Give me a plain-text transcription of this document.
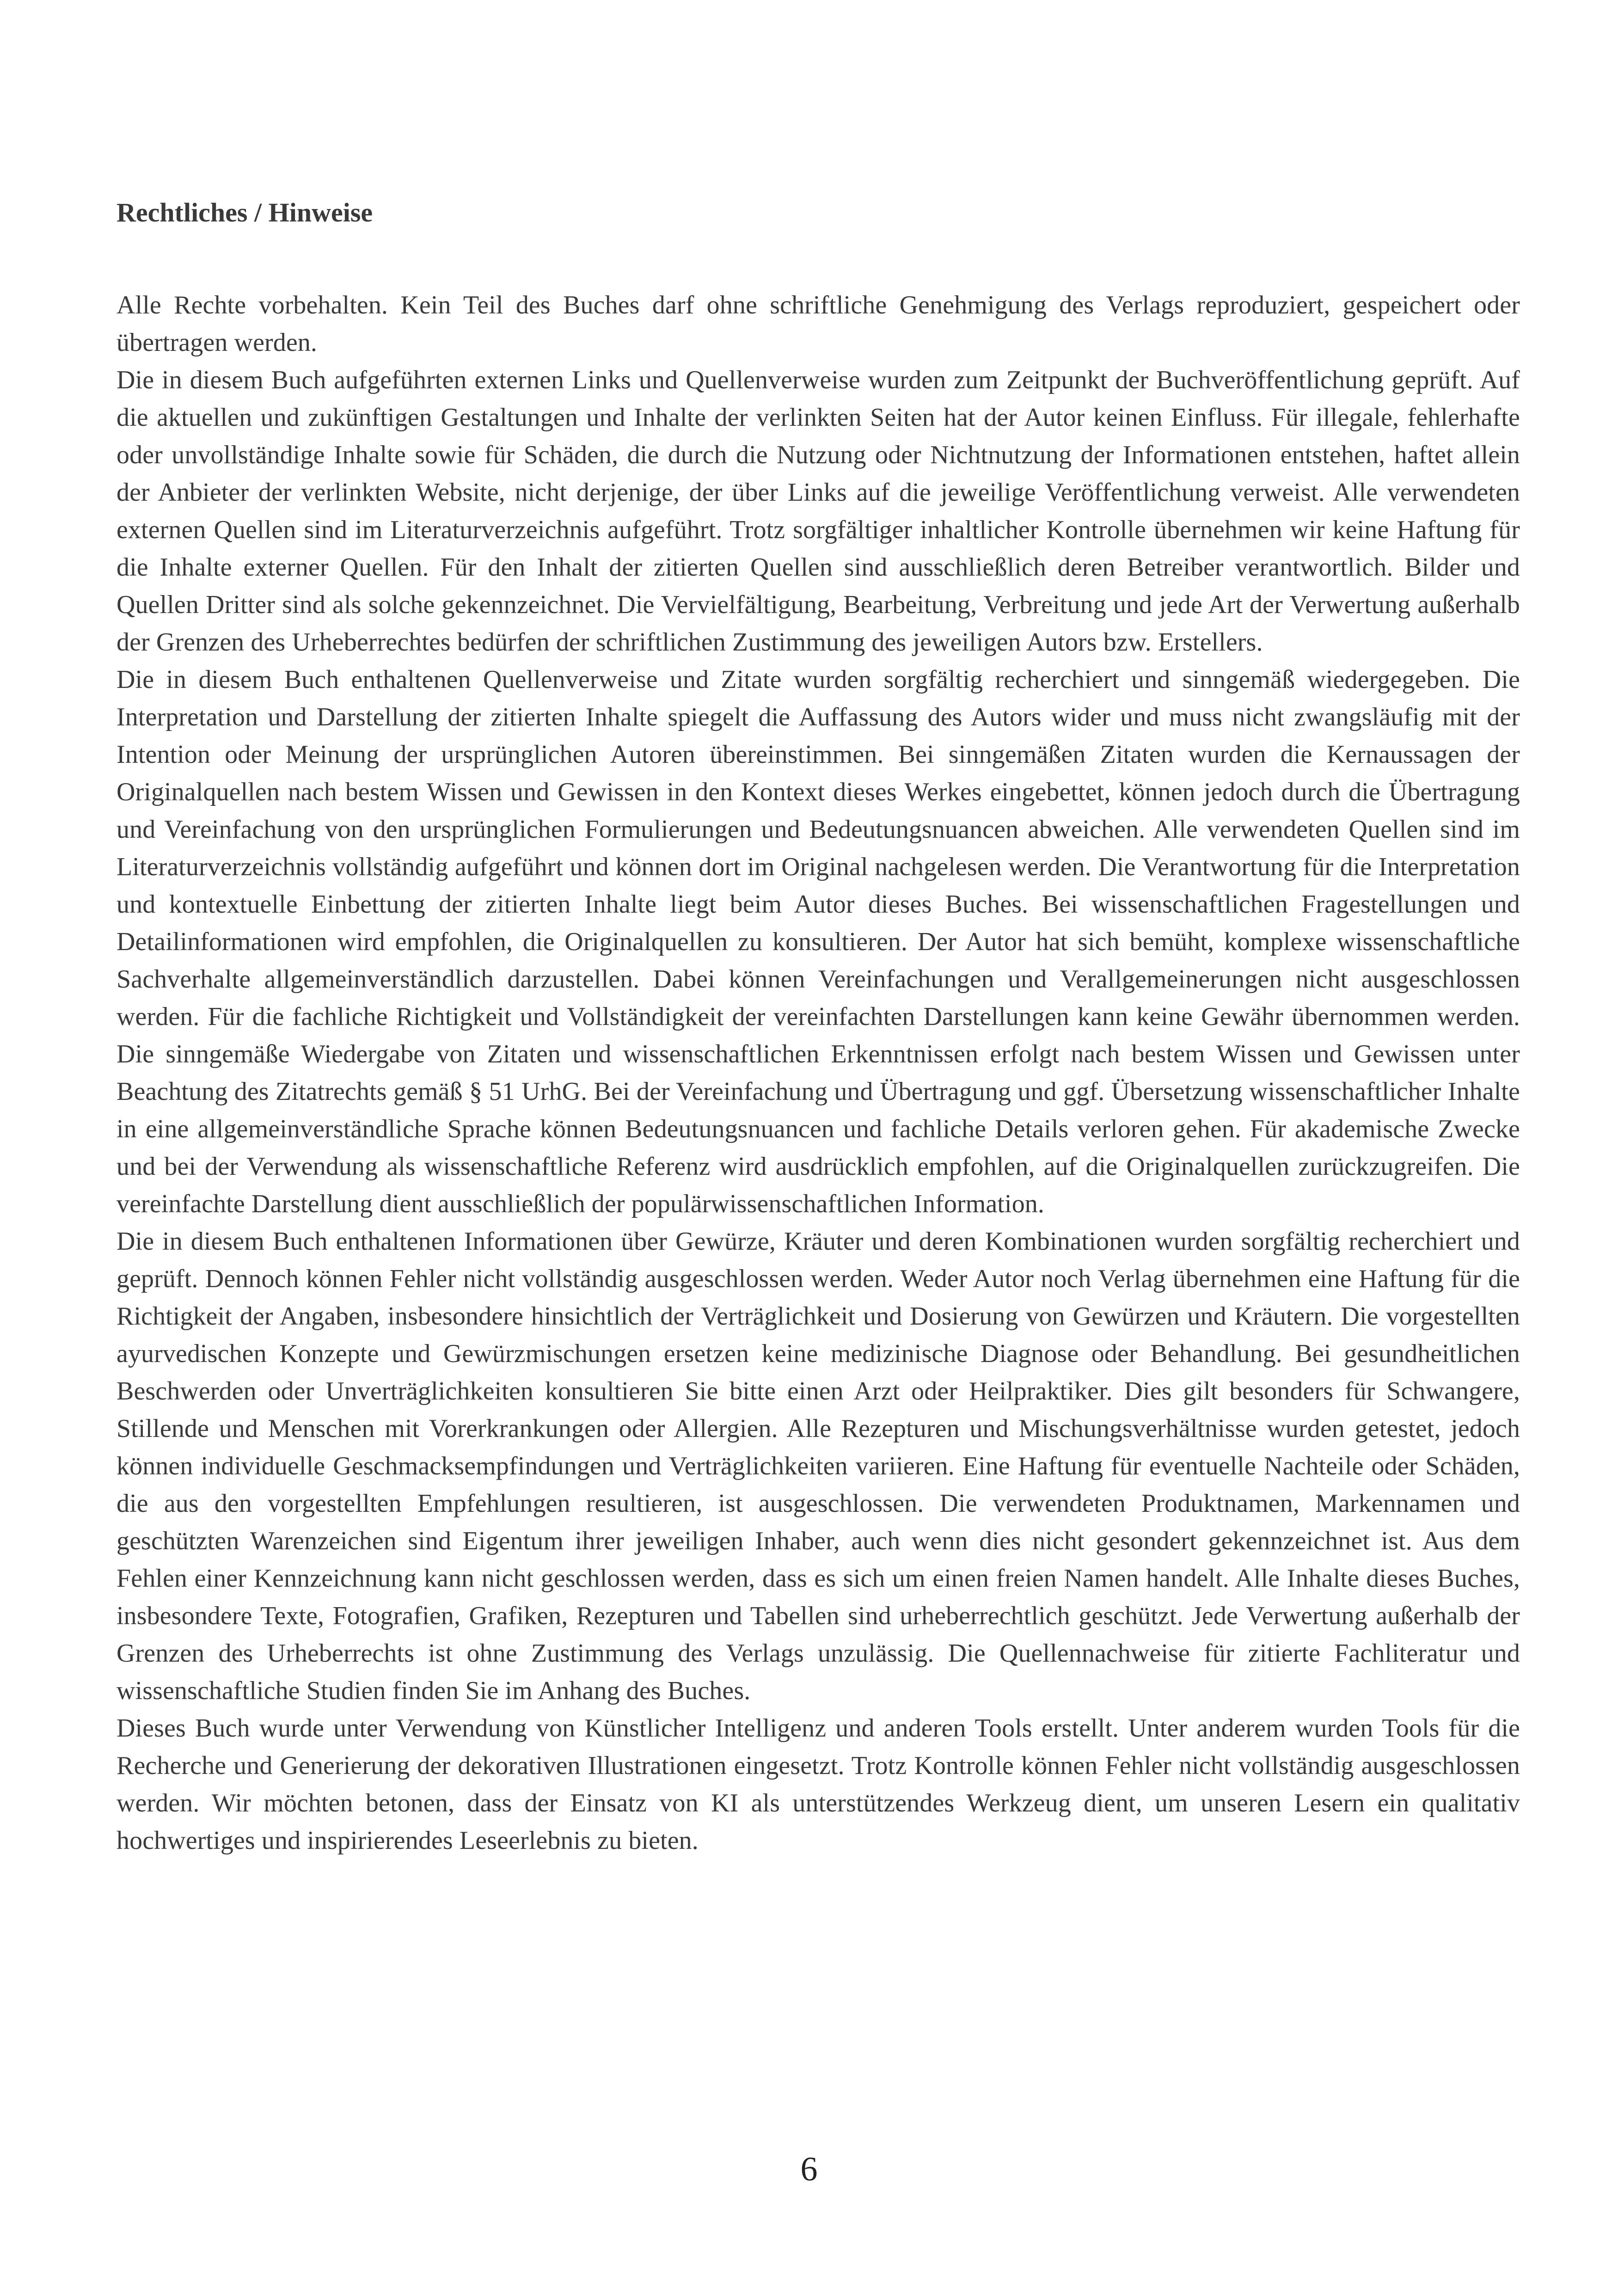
Rechtliches / Hinweise

Alle Rechte vorbehalten. Kein Teil des Buches darf ohne schriftliche Genehmigung des Verlags reproduziert, gespeichert oder übertragen werden.

Die in diesem Buch aufgeführten externen Links und Quellenverweise wurden zum Zeitpunkt der Buchveröffentlichung geprüft. Auf die aktuellen und zukünftigen Gestaltungen und Inhalte der verlinkten Seiten hat der Autor keinen Einfluss. Für illegale, fehlerhafte oder unvollständige Inhalte sowie für Schäden, die durch die Nutzung oder Nichtnutzung der Informationen entstehen, haftet allein der Anbieter der verlinkten Website, nicht derjenige, der über Links auf die jeweilige Veröffentlichung verweist. Alle verwendeten externen Quellen sind im Literaturverzeichnis aufgeführt. Trotz sorgfältiger inhaltlicher Kontrolle übernehmen wir keine Haftung für die Inhalte externer Quellen. Für den Inhalt der zitierten Quellen sind ausschließlich deren Betreiber verantwortlich. Bilder und Quellen Dritter sind als solche gekennzeichnet. Die Vervielfältigung, Bearbeitung, Verbreitung und jede Art der Verwertung außerhalb der Grenzen des Urheberrechtes bedürfen der schriftlichen Zustimmung des jeweiligen Autors bzw. Erstellers.

Die in diesem Buch enthaltenen Quellenverweise und Zitate wurden sorgfältig recherchiert und sinngemäß wiedergegeben. Die Interpretation und Darstellung der zitierten Inhalte spiegelt die Auffassung des Autors wider und muss nicht zwangsläufig mit der Intention oder Meinung der ursprünglichen Autoren übereinstimmen. Bei sinngemäßen Zitaten wurden die Kernaussagen der Originalquellen nach bestem Wissen und Gewissen in den Kontext dieses Werkes eingebettet, können jedoch durch die Übertragung und Vereinfachung von den ursprünglichen Formulierungen und Bedeutungsnuancen abweichen. Alle verwendeten Quellen sind im Literaturverzeichnis vollständig aufgeführt und können dort im Original nachgelesen werden. Die Verantwortung für die Interpretation und kontextuelle Einbettung der zitierten Inhalte liegt beim Autor dieses Buches. Bei wissenschaftlichen Fragestellungen und Detailinformationen wird empfohlen, die Originalquellen zu konsultieren. Der Autor hat sich bemüht, komplexe wissenschaftliche Sachverhalte allgemeinverständlich darzustellen. Dabei können Vereinfachungen und Verallgemeinerungen nicht ausgeschlossen werden. Für die fachliche Richtigkeit und Vollständigkeit der vereinfachten Darstellungen kann keine Gewähr übernommen werden. Die sinngemäße Wiedergabe von Zitaten und wissenschaftlichen Erkenntnissen erfolgt nach bestem Wissen und Gewissen unter Beachtung des Zitatrechts gemäß § 51 UrhG. Bei der Vereinfachung und Übertragung und ggf. Übersetzung wissenschaftlicher Inhalte in eine allgemeinverständliche Sprache können Bedeutungsnuancen und fachliche Details verloren gehen. Für akademische Zwecke und bei der Verwendung als wissenschaftliche Referenz wird ausdrücklich empfohlen, auf die Originalquellen zurückzugreifen. Die vereinfachte Darstellung dient ausschließlich der populärwissenschaftlichen Information.

Die in diesem Buch enthaltenen Informationen über Gewürze, Kräuter und deren Kombinationen wurden sorgfältig recherchiert und geprüft. Dennoch können Fehler nicht vollständig ausgeschlossen werden. Weder Autor noch Verlag übernehmen eine Haftung für die Richtigkeit der Angaben, insbesondere hinsichtlich der Verträglichkeit und Dosierung von Gewürzen und Kräutern. Die vorgestellten ayurvedischen Konzepte und Gewürzmischungen ersetzen keine medizinische Diagnose oder Behandlung. Bei gesundheitlichen Beschwerden oder Unverträglichkeiten konsultieren Sie bitte einen Arzt oder Heilpraktiker. Dies gilt besonders für Schwangere, Stillende und Menschen mit Vorerkrankungen oder Allergien. Alle Rezepturen und Mischungsverhältnisse wurden getestet, jedoch können individuelle Geschmacksempfindungen und Verträglichkeiten variieren. Eine Haftung für eventuelle Nachteile oder Schäden, die aus den vorgestellten Empfehlungen resultieren, ist ausgeschlossen. Die verwendeten Produktnamen, Markennamen und geschützten Warenzeichen sind Eigentum ihrer jeweiligen Inhaber, auch wenn dies nicht gesondert gekennzeichnet ist. Aus dem Fehlen einer Kennzeichnung kann nicht geschlossen werden, dass es sich um einen freien Namen handelt. Alle Inhalte dieses Buches, insbesondere Texte, Fotografien, Grafiken, Rezepturen und Tabellen sind urheberrechtlich geschützt. Jede Verwertung außerhalb der Grenzen des Urheberrechts ist ohne Zustimmung des Verlags unzulässig. Die Quellennachweise für zitierte Fachliteratur und wissenschaftliche Studien finden Sie im Anhang des Buches.

Dieses Buch wurde unter Verwendung von Künstlicher Intelligenz und anderen Tools erstellt. Unter anderem wurden Tools für die Recherche und Generierung der dekorativen Illustrationen eingesetzt. Trotz Kontrolle können Fehler nicht vollständig ausgeschlossen werden. Wir möchten betonen, dass der Einsatz von KI als unterstützendes Werkzeug dient, um unseren Lesern ein qualitativ hochwertiges und inspirierendes Leseerlebnis zu bieten.

6
